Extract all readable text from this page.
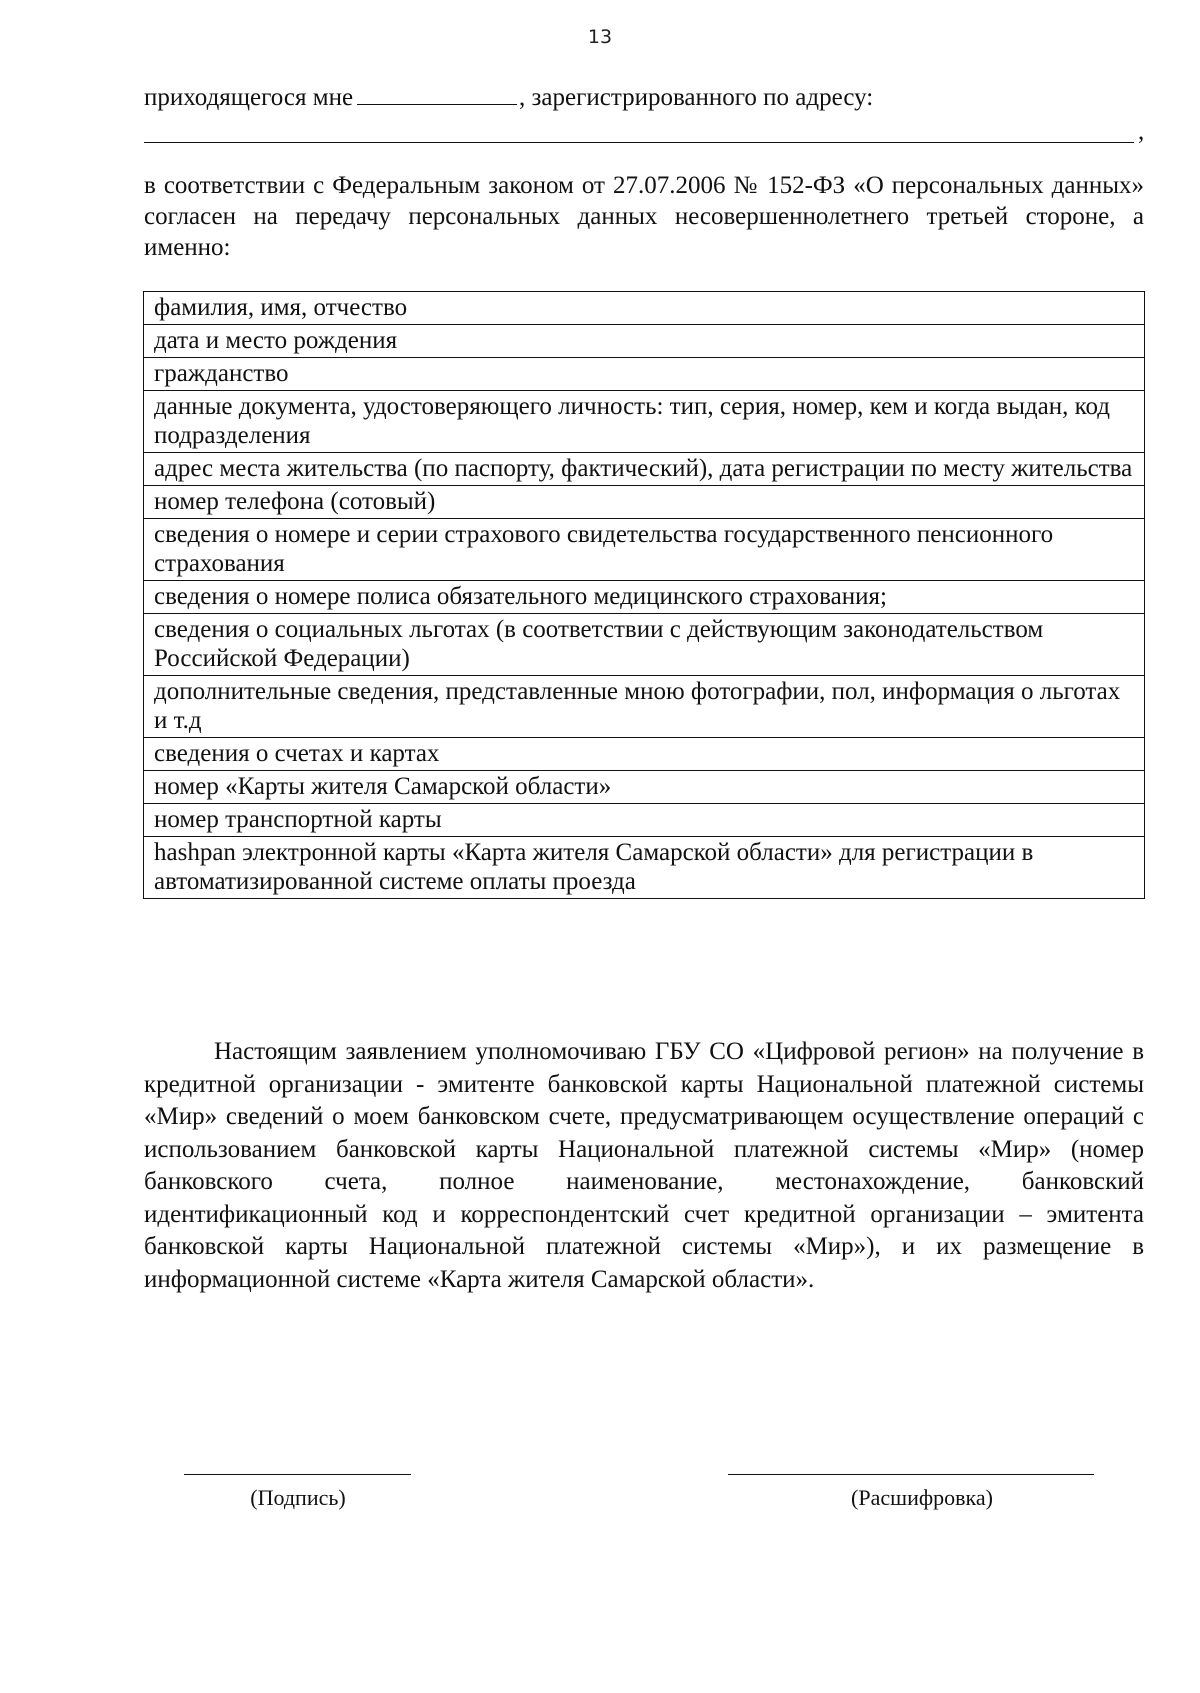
13
приходящегося мне	, зарегистрированного по адресу:
,
в соответствии с Федеральным законом от 27.07.2006 № 152-ФЗ «О персональных данных» согласен на передачу персональных данных несовершеннолетнего третьей стороне, а именно:
фамилия, имя, отчество
дата и место рождения
гражданство
данные документа, удостоверяющего личность: тип, серия, номер, кем и когда выдан, код подразделения
адрес места жительства (по паспорту, фактический), дата регистрации по месту жительства
номер телефона (сотовый)
сведения о номере и серии страхового свидетельства государственного пенсионного страхования
сведения о номере полиса обязательного медицинского страхования;
сведения о социальных льготах (в соответствии с действующим законодательством Российской Федерации)
дополнительные сведения, представленные мною фотографии, пол, информация о льготах и т.д
сведения о счетах и картах
номер «Карты жителя Самарской области»
номер транспортной карты
hashpan электронной карты «Карта жителя Самарской области» для регистрации в автоматизированной системе оплаты проезда
Настоящим заявлением уполномочиваю ГБУ СО «Цифровой регион» на получение в кредитной организации - эмитенте банковской карты Национальной платежной системы «Мир» сведений о моем банковском счете, предусматривающем осуществление операций с использованием банковской карты Национальной платежной системы «Мир» (номер банковского счета, полное наименование, местонахождение, банковский идентификационный код и корреспондентский счет кредитной организации – эмитента банковской карты Национальной платежной системы «Мир»), и их размещение в информационной системе «Карта жителя Самарской области».
(Подпись)	(Расшифровка)
